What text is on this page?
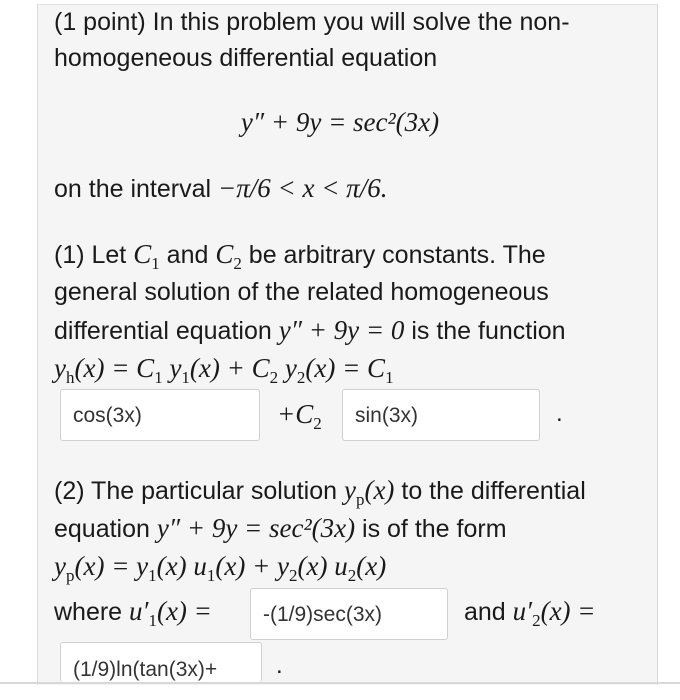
(1 point) In this problem you will solve the non-
homogeneous differential equation
y″ + 9y = sec²(3x)
on the interval −π/6 < x < π/6.
(1) Let $C_1$ and $C_2$ be arbitrary constants. The
general solution of the related homogeneous
differential equation y″ + 9y = 0 is the function
$y_h(x) = C_1$ $y_1(x) + C_2$ $y_2(x) = C_1$
cos(3x)	$+C_2$	sin(3x)	.
(2) The particular solution $y_p(x)$ to the differential
equation y″ + 9y = sec²(3x) is of the form
$y_p(x) = y_1(x) u_1(x) + y_2(x)$ $u_2(x)$
where $u'_1(x)$ =	-(1/9)sec(3x)	and $u'_2(x)$ =
(1/9)ln(tan(3x)+	.
